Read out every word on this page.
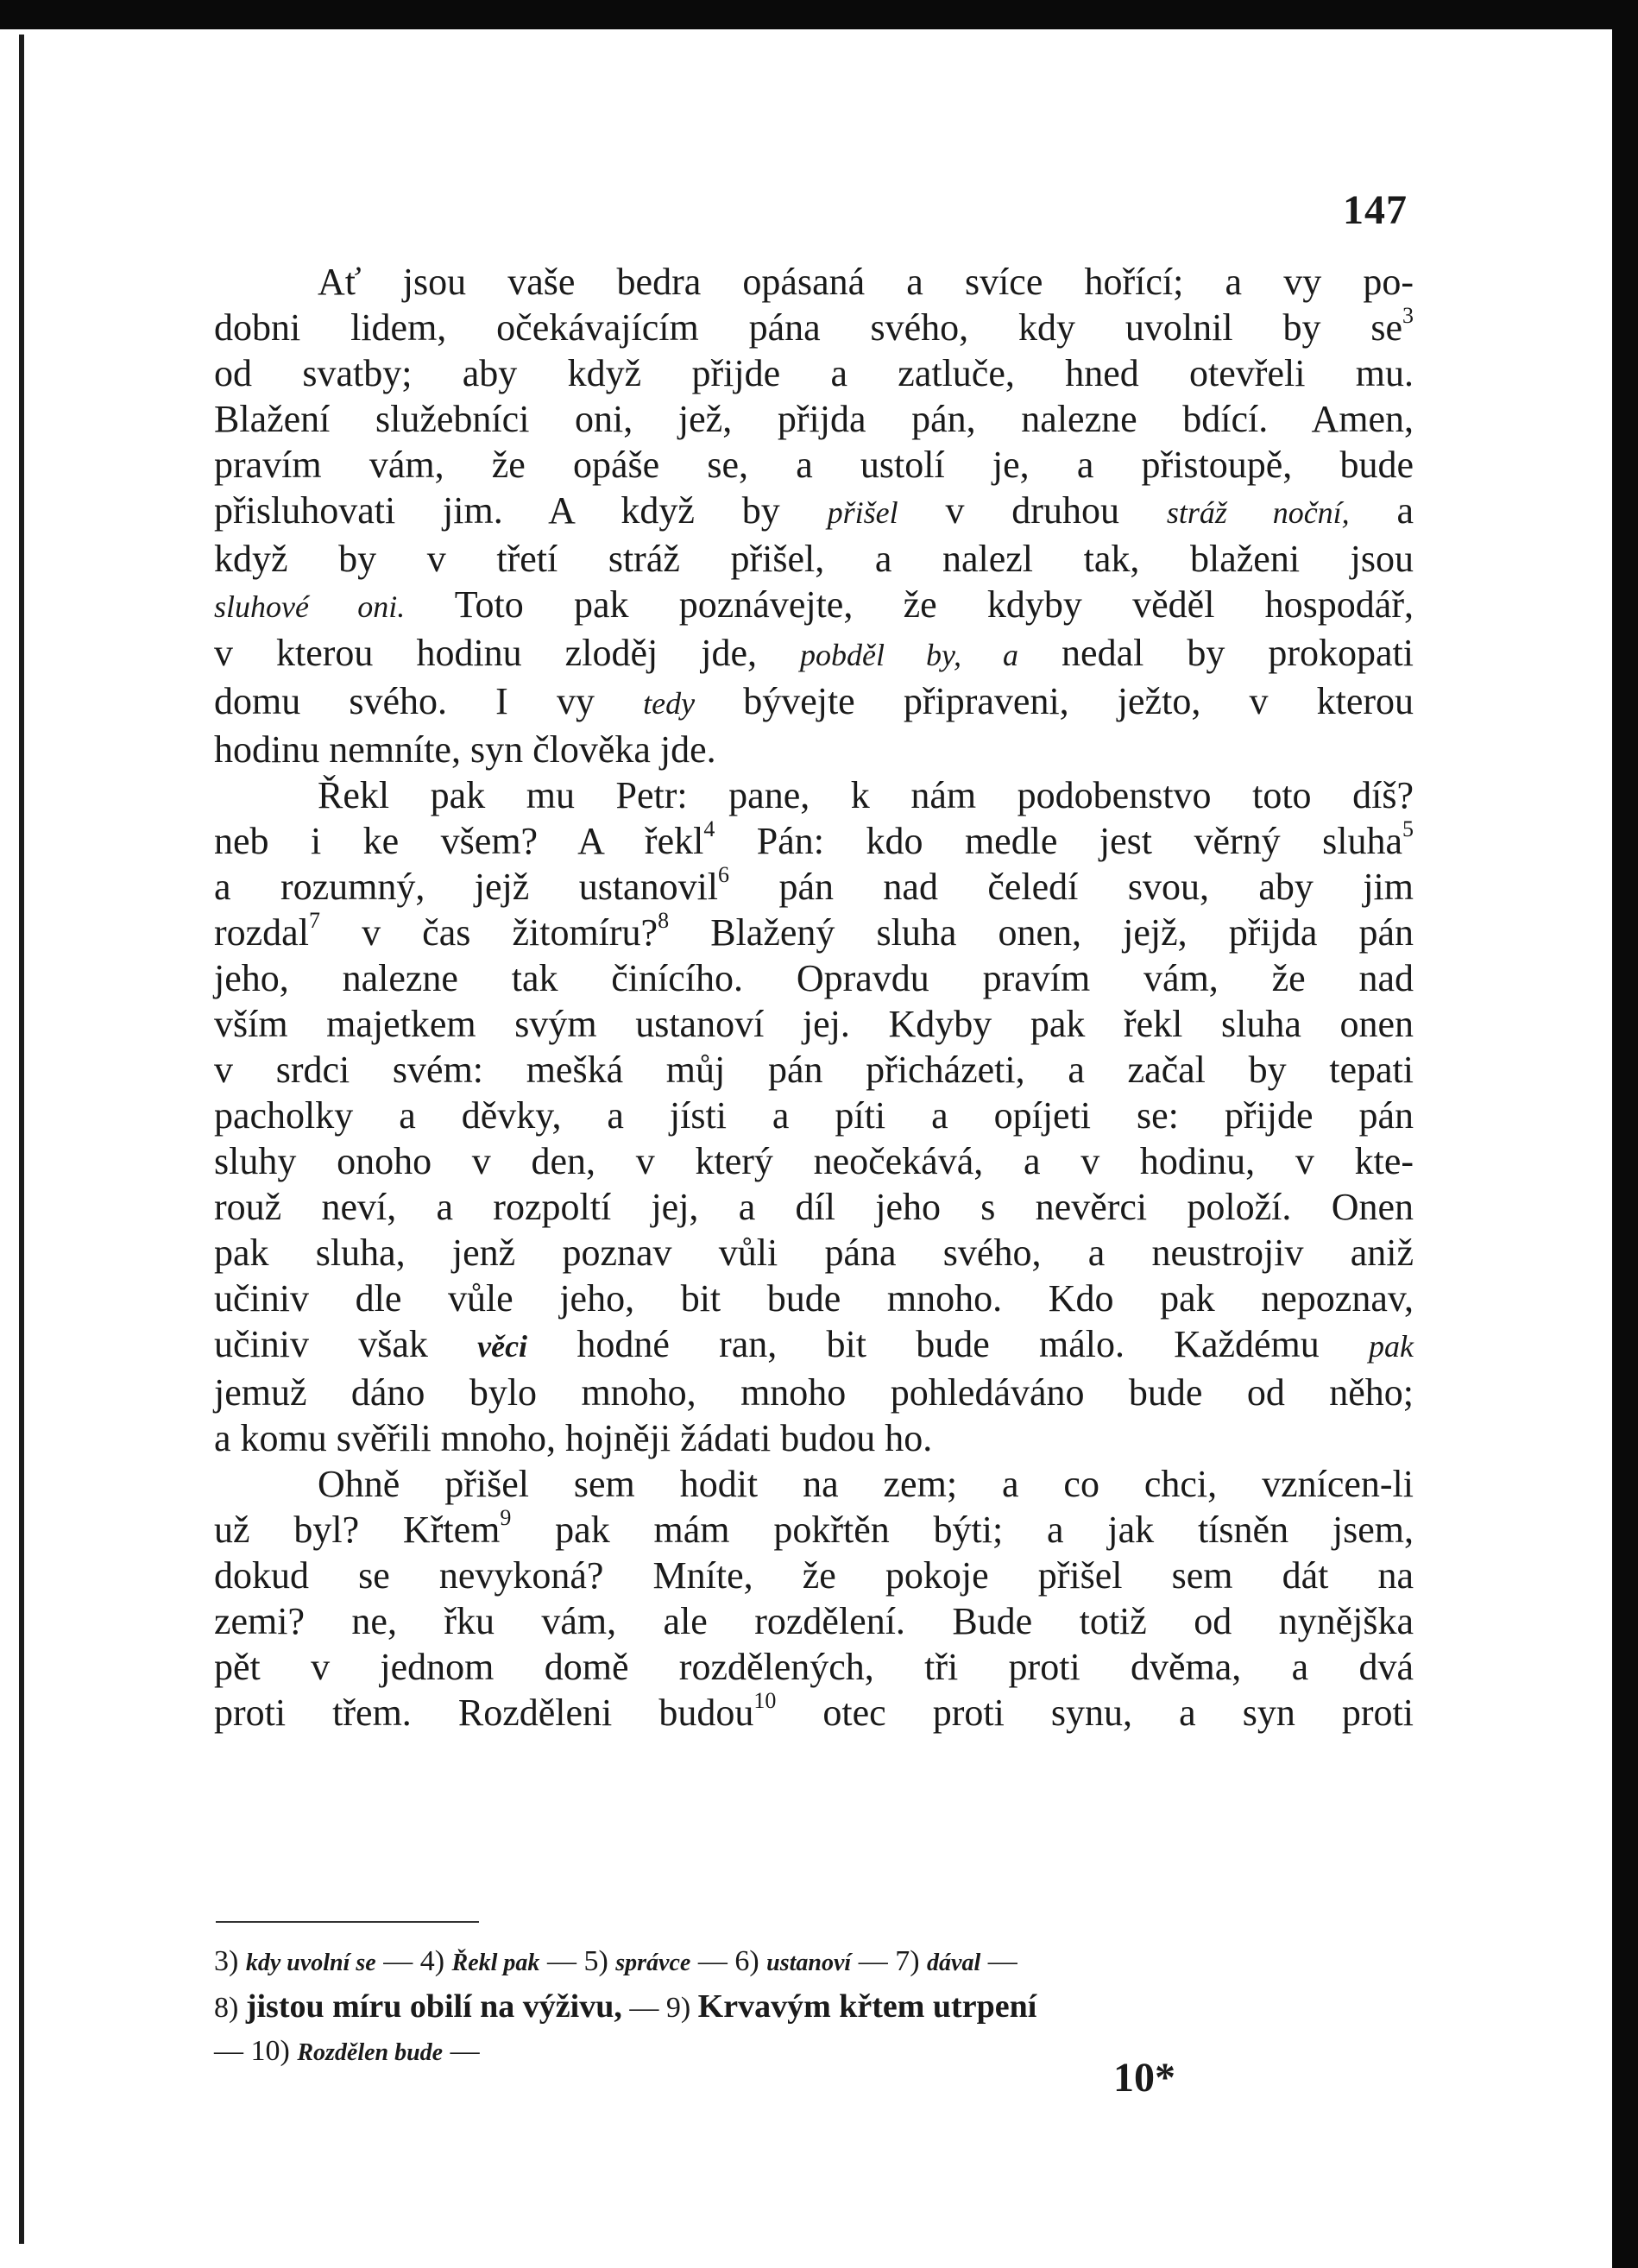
147
Ať jsou vaše bedra opásaná a svíce hořící; a vy po-
dobni lidem, očekávajícím pána svého, kdy uvolnil by $se^3$
od svatby; aby když přijde a zatluče, hned otevřeli mu.
Blažení služebníci oni, jež, přijda pán, nalezne bdící. Amen,
pravím vám, že opáše se, a ustolí je, a přistoupě, bude
přisluhovati jim. A když by přišel v druhou stráž noční, a
když by v třetí stráž přišel, a nalezl tak, blaženi jsou
sluhové oni. Toto pak poznávejte, že kdyby věděl hospodář,
v kterou hodinu zloděj jde, pobděl by, a nedal by prokopati
domu svého. I vy tedy bývejte připraveni, ježto, v kterou
hodinu nemníte, syn člověka jde.
Řekl pak mu Petr: pane, k nám podobenstvo toto díš?
neb i ke všem? A řekl$^4$ Pán: kdo medle jest věrný sluha$^5$
a rozumný, jejž ustanovil$^6$ pán nad čeledí svou, aby jim
rozdal$^7$ v čas žitomíru?$^8$ Blažený sluha onen, jejž, přijda pán
jeho, nalezne tak činícího. Opravdu pravím vám, že nad
vším majetkem svým ustanoví jej. Kdyby pak řekl sluha onen
v srdci svém: mešká můj pán přicházeti, a začal by tepati
pacholky a děvky, a jísti a píti a opíjeti se: přijde pán
sluhy onoho v den, v který neočekává, a v hodinu, v kte-
rouž neví, a rozpoltí jej, a díl jeho s nevěrci položí. Onen
pak sluha, jenž poznav vůli pána svého, a neustrojiv aniž
učiniv dle vůle jeho, bit bude mnoho. Kdo pak nepoznav,
učiniv však věci hodné ran, bit bude málo. Každému pak
jemuž dáno bylo mnoho, mnoho pohledáváno bude od něho;
a komu svěřili mnoho, hojněji žádati budou ho.
Ohně přišel sem hodit na zem; a co chci, vznícen-li
už byl? Křtem$^9$ pak mám pokřtěn býti; a jak tísněn jsem,
dokud se nevykoná? Mníte, že pokoje přišel sem dát na
zemi? ne, řku vám, ale rozdělení. Bude totiž od nynějška
pět v jednom domě rozdělených, tři proti dvěma, a dvá
proti třem. Rozděleni budou$^{10}$ otec proti synu, a syn proti
3) kdy uvolní se — 4) Řekl pak — 5) správce — 6) ustanoví — 7) dával —
8) jistou míru obilí na výživu, — 9) Krvavým křtem utrpení
— 10) Rozdělen bude —
10*
